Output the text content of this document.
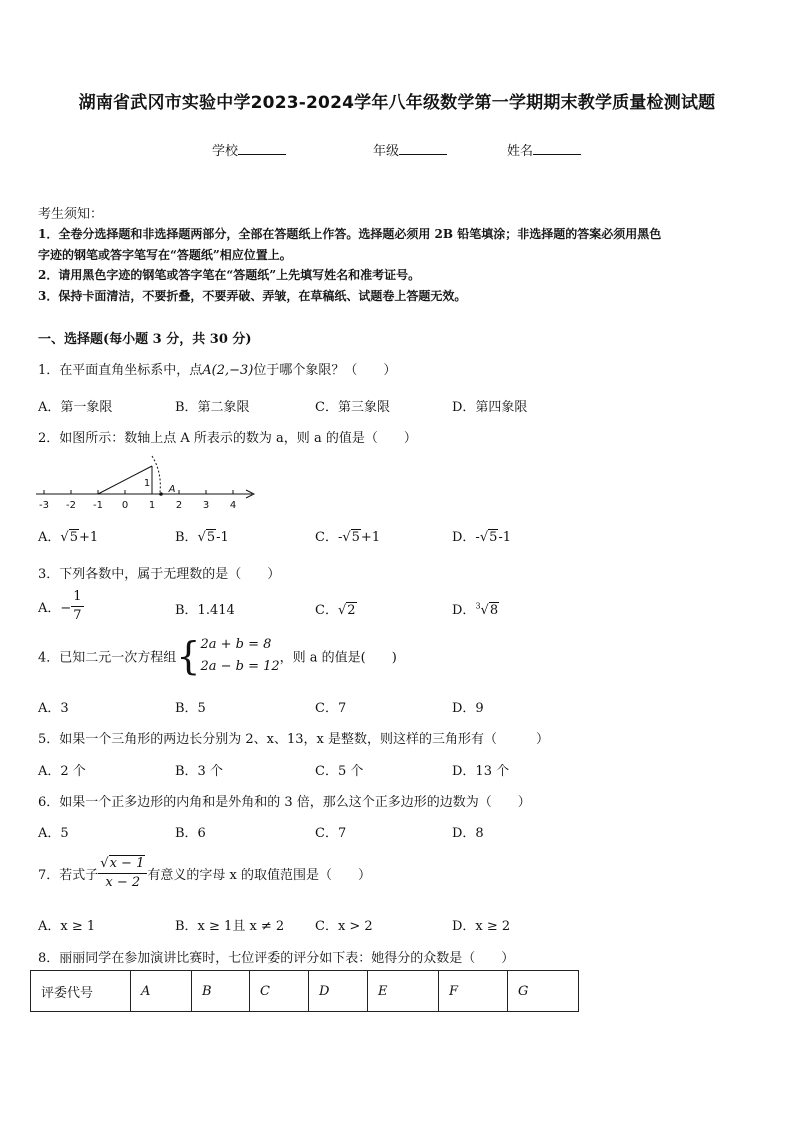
湖南省武冈市实验中学2023-2024学年八年级数学第一学期期末教学质量检测试题
学校	年级	姓名
考生须知：
1．全卷分选择题和非选择题两部分，全部在答题纸上作答。选择题必须用 2B 铅笔填涂；非选择题的答案必须用黑色
字迹的钢笔或答字笔写在“答题纸”相应位置上。
2．请用黑色字迹的钢笔或答字笔在“答题纸”上先填写姓名和准考证号。
3．保持卡面清洁，不要折叠，不要弄破、弄皱，在草稿纸、试题卷上答题无效。
一、选择题(每小题 3 分，共 30 分)
1．在平面直角坐标系中，点A(2,−3)位于哪个象限？（　　）
A．第一象限	B．第二象限	C．第三象限	D．第四象限
2．如图所示：数轴上点 A 所表示的数为 a，则 a 的值是（　　）
-3 -2 -1 0 1 2 3 4
1
A
A．√5+1	B．√5-1	C．-√5+1	D．-√5-1
3．下列各数中，属于无理数的是（　　）
A．− $\frac{1}{7}$	B．1.414	C．√2	D．$^3$√8
4．已知二元一次方程组{ 2a + b = 8
2a − b = 12
，则 a 的值是(　　)
A．3	B．5	C．7	D．9
5．如果一个三角形的两边长分别为 2、x、13，x 是整数，则这样的三角形有（　　　）
A．2 个	B．3 个	C．5 个	D．13 个
6．如果一个正多边形的内角和是外角和的 3 倍，那么这个正多边形的边数为（　　）
A．5	B．6	C．7	D．8
7．若式子 $\frac{√x - 1}{x - 2}$ 有意义的字母 x 的取值范围是（　　）
A．x ≥ 1	B．x ≥ 1且 x ≠ 2 C．x > 2	D．x ≥ 2
8．丽丽同学在参加演讲比赛时，七位评委的评分如下表：她得分的众数是（　　）
评委代号	A	B	C	D	E	F	G
